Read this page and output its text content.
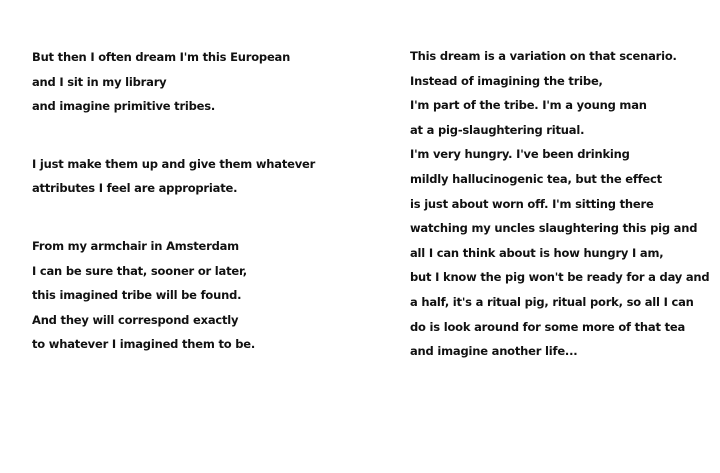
But then I often dream I'm this European
and I sit in my library
and imagine primitive tribes.
I just make them up and give them whatever
attributes I feel are appropriate.
From my armchair in Amsterdam
I can be sure that, sooner or later,
this imagined tribe will be found.
And they will correspond exactly
to whatever I imagined them to be.
This dream is a variation on that scenario.
Instead of imagining the tribe,
I'm part of the tribe. I'm a young man
at a pig-slaughtering ritual.
I'm very hungry. I've been drinking
mildly hallucinogenic tea, but the effect
is just about worn off. I'm sitting there
watching my uncles slaughtering this pig and
all I can think about is how hungry I am,
but I know the pig won't be ready for a day and
a half, it's a ritual pig, ritual pork, so all I can
do is look around for some more of that tea
and imagine another life...
